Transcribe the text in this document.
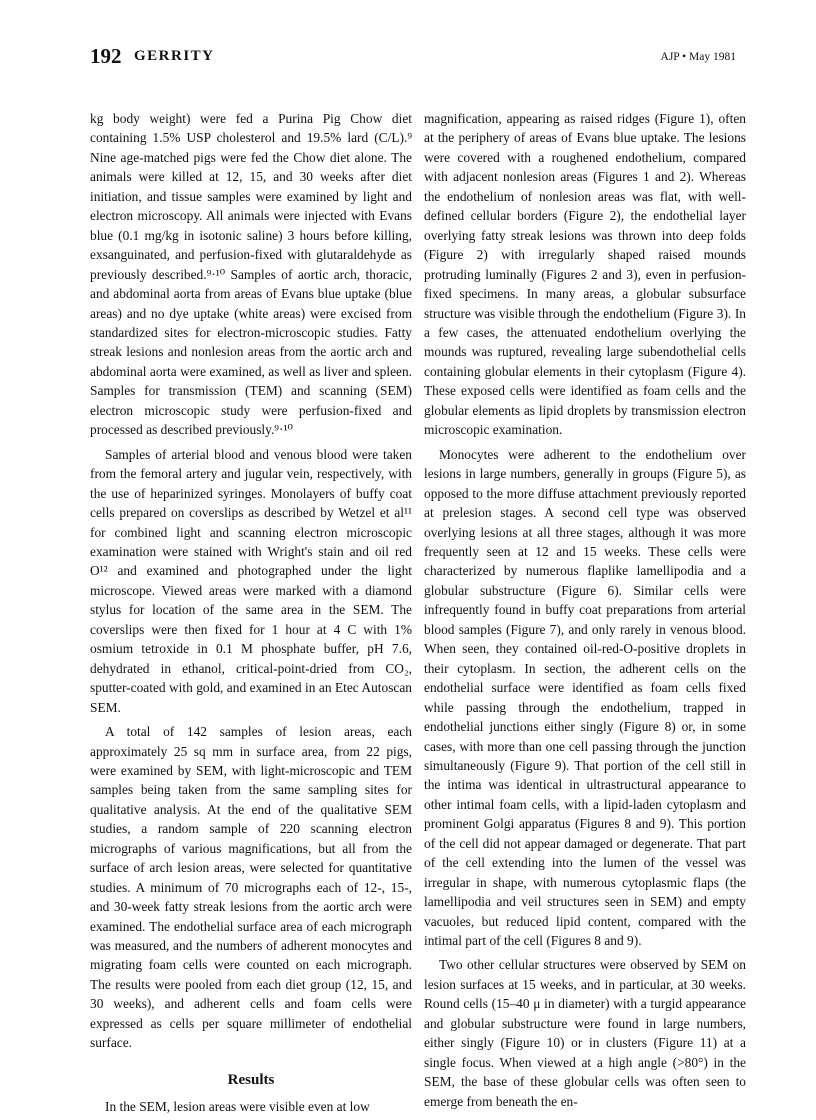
192 GERRITY	AJP • May 1981

kg body weight) were fed a Purina Pig Chow diet containing 1.5% USP cholesterol and 19.5% lard (C/L).⁹ Nine age-matched pigs were fed the Chow diet alone. The animals were killed at 12, 15, and 30 weeks after diet initiation, and tissue samples were examined by light and electron microscopy. All animals were injected with Evans blue (0.1 mg/kg in isotonic saline) 3 hours before killing, exsanguinated, and perfusion-fixed with glutaraldehyde as previously described.⁹·¹⁰ Samples of aortic arch, thoracic, and abdominal aorta from areas of Evans blue uptake (blue areas) and no dye uptake (white areas) were excised from standardized sites for electron-microscopic studies. Fatty streak lesions and nonlesion areas from the aortic arch and abdominal aorta were examined, as well as liver and spleen. Samples for transmission (TEM) and scanning (SEM) electron microscopic study were perfusion-fixed and processed as described previously.⁹·¹⁰

Samples of arterial blood and venous blood were taken from the femoral artery and jugular vein, respectively, with the use of heparinized syringes. Monolayers of buffy coat cells prepared on coverslips as described by Wetzel et al¹¹ for combined light and scanning electron microscopic examination were stained with Wright's stain and oil red O¹² and examined and photographed under the light microscope. Viewed areas were marked with a diamond stylus for location of the same area in the SEM. The coverslips were then fixed for 1 hour at 4 C with 1% osmium tetroxide in 0.1 M phosphate buffer, pH 7.6, dehydrated in ethanol, critical-point-dried from CO₂, sputter-coated with gold, and examined in an Etec Autoscan SEM.

A total of 142 samples of lesion areas, each approximately 25 sq mm in surface area, from 22 pigs, were examined by SEM, with light-microscopic and TEM samples being taken from the same sampling sites for qualitative analysis. At the end of the qualitative SEM studies, a random sample of 220 scanning electron micrographs of various magnifications, but all from the surface of arch lesion areas, were selected for quantitative studies. A minimum of 70 micrographs each of 12-, 15-, and 30-week fatty streak lesions from the aortic arch were examined. The endothelial surface area of each micrograph was measured, and the numbers of adherent monocytes and migrating foam cells were counted on each micrograph. The results were pooled from each diet group (12, 15, and 30 weeks), and adherent cells and foam cells were expressed as cells per square millimeter of endothelial surface.

Results

In the SEM, lesion areas were visible even at low

magnification, appearing as raised ridges (Figure 1), often at the periphery of areas of Evans blue uptake. The lesions were covered with a roughened endothelium, compared with adjacent nonlesion areas (Figures 1 and 2). Whereas the endothelium of nonlesion areas was flat, with well-defined cellular borders (Figure 2), the endothelial layer overlying fatty streak lesions was thrown into deep folds (Figure 2) with irregularly shaped raised mounds protruding luminally (Figures 2 and 3), even in perfusion-fixed specimens. In many areas, a globular subsurface structure was visible through the endothelium (Figure 3). In a few cases, the attenuated endothelium overlying the mounds was ruptured, revealing large subendothelial cells containing globular elements in their cytoplasm (Figure 4). These exposed cells were identified as foam cells and the globular elements as lipid droplets by transmission electron microscopic examination.

Monocytes were adherent to the endothelium over lesions in large numbers, generally in groups (Figure 5), as opposed to the more diffuse attachment previously reported at prelesion stages. A second cell type was observed overlying lesions at all three stages, although it was more frequently seen at 12 and 15 weeks. These cells were characterized by numerous flaplike lamellipodia and a globular substructure (Figure 6). Similar cells were infrequently found in buffy coat preparations from arterial blood samples (Figure 7), and only rarely in venous blood. When seen, they contained oil-red-O-positive droplets in their cytoplasm. In section, the adherent cells on the endothelial surface were identified as foam cells fixed while passing through the endothelium, trapped in endothelial junctions either singly (Figure 8) or, in some cases, with more than one cell passing through the junction simultaneously (Figure 9). That portion of the cell still in the intima was identical in ultrastructural appearance to other intimal foam cells, with a lipid-laden cytoplasm and prominent Golgi apparatus (Figures 8 and 9). This portion of the cell did not appear damaged or degenerate. That part of the cell extending into the lumen of the vessel was irregular in shape, with numerous cytoplasmic flaps (the lamellipodia and veil structures seen in SEM) and empty vacuoles, but reduced lipid content, compared with the intimal part of the cell (Figures 8 and 9).

Two other cellular structures were observed by SEM on lesion surfaces at 15 weeks, and in particular, at 30 weeks. Round cells (15–40 μ in diameter) with a turgid appearance and globular substructure were found in large numbers, either singly (Figure 10) or in clusters (Figure 11) at a single focus. When viewed at a high angle (>80°) in the SEM, the base of these globular cells was often seen to emerge from beneath the en-
